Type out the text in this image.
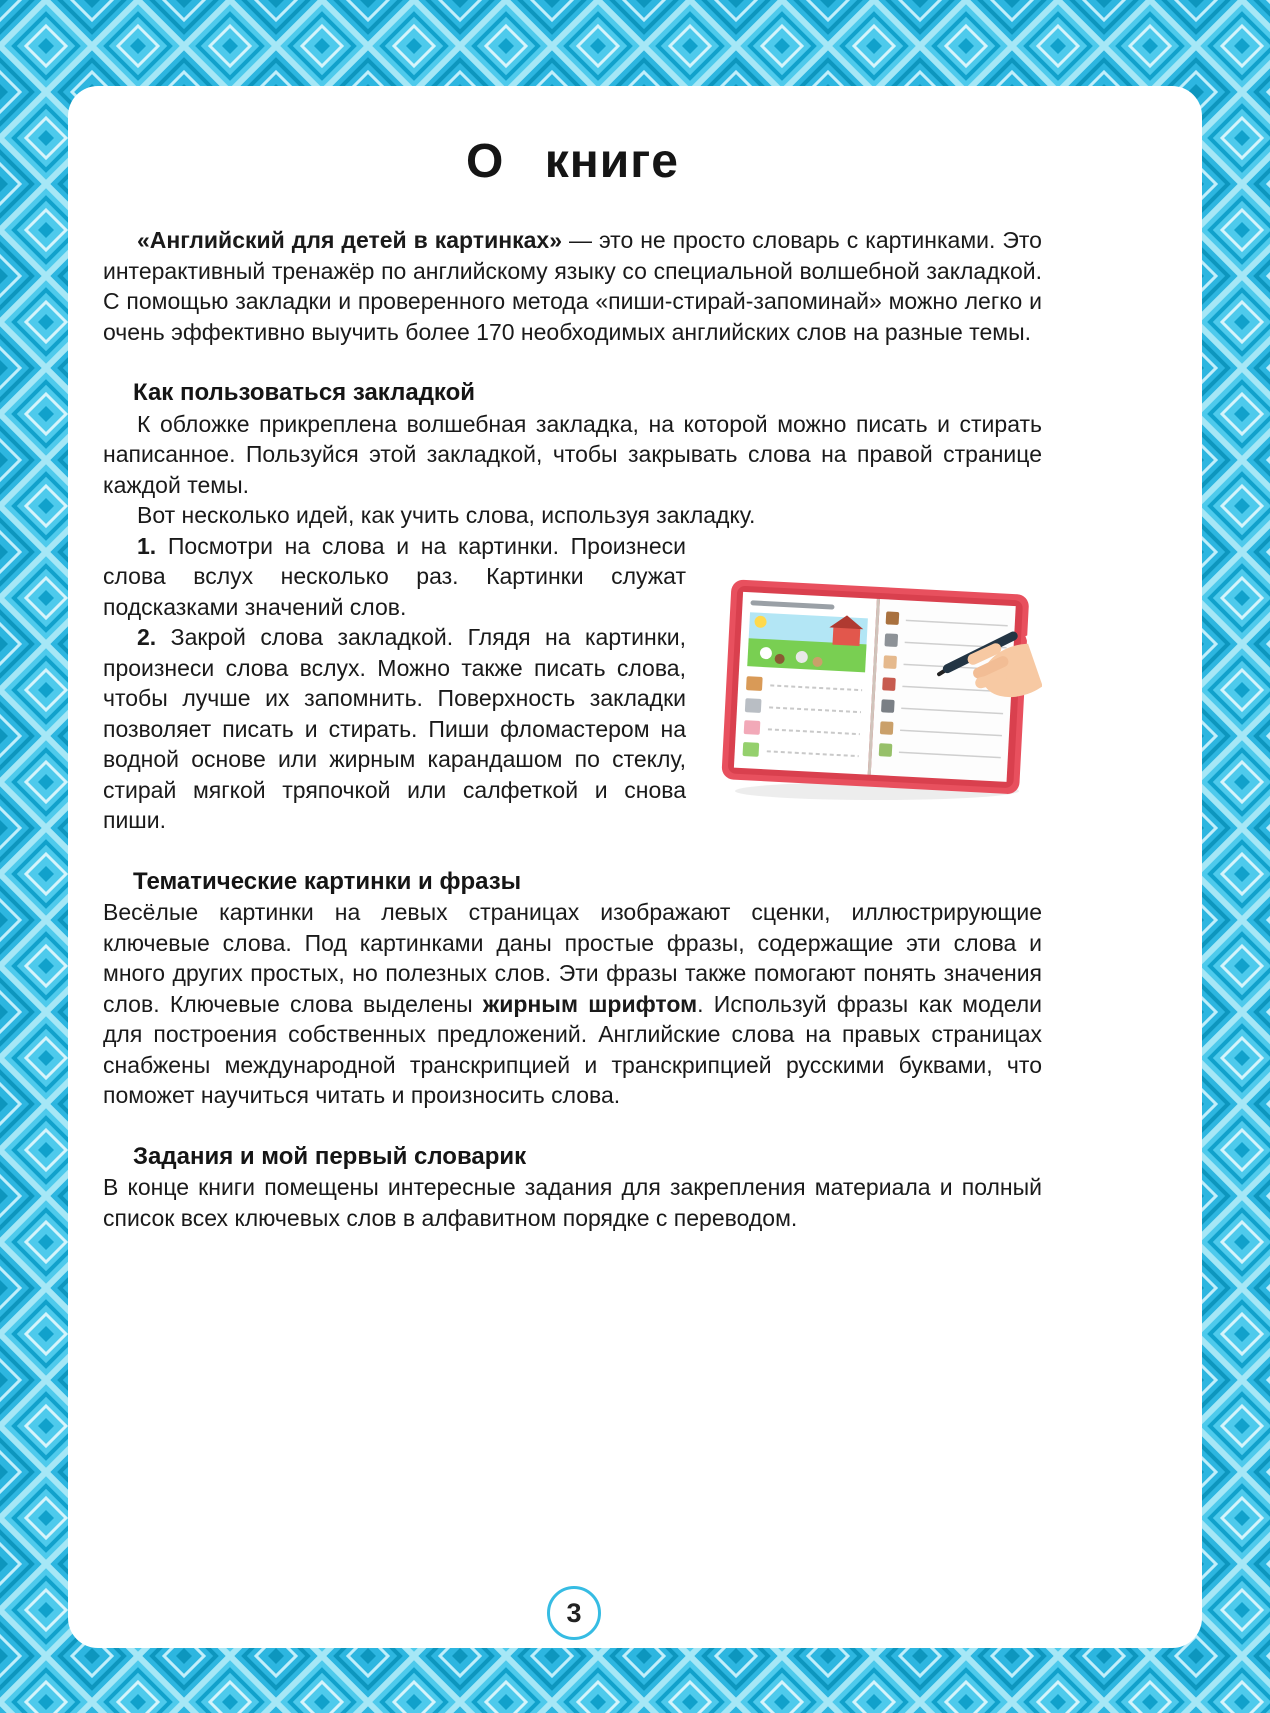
О книге

«Английский для детей в картинках» — это не просто словарь с картинками. Это интерактивный тренажёр по английскому языку со специальной волшебной закладкой. С помощью закладки и проверенного метода «пиши-стирай-запоминай» можно легко и очень эффективно выучить более 170 необходимых английских слов на разные темы.

Как пользоваться закладкой

К обложке прикреплена волшебная закладка, на которой можно писать и стирать написанное. Пользуйся этой закладкой, чтобы закрывать слова на правой странице каждой темы.

Вот несколько идей, как учить слова, используя закладку.

1. Посмотри на слова и на картинки. Произнеси слова вслух несколько раз. Картинки служат подсказками значений слов.

2. Закрой слова закладкой. Глядя на картинки, произнеси слова вслух. Можно также писать слова, чтобы лучше их запомнить. Поверхность закладки позволяет писать и стирать. Пиши фломастером на водной основе или жирным карандашом по стеклу, стирай мягкой тряпочкой или салфеткой и снова пиши.

Тематические картинки и фразы

Весёлые картинки на левых страницах изображают сценки, иллюстрирующие ключевые слова. Под картинками даны простые фразы, содержащие эти слова и много других простых, но полезных слов. Эти фразы также помогают понять значения слов. Ключевые слова выделены жирным шрифтом. Используй фразы как модели для построения собственных предложений. Английские слова на правых страницах снабжены международной транскрипцией и транскрипцией русскими буквами, что поможет научиться читать и произносить слова.

Задания и мой первый словарик

В конце книги помещены интересные задания для закрепления материала и полный список всех ключевых слов в алфавитном порядке с переводом.

3
